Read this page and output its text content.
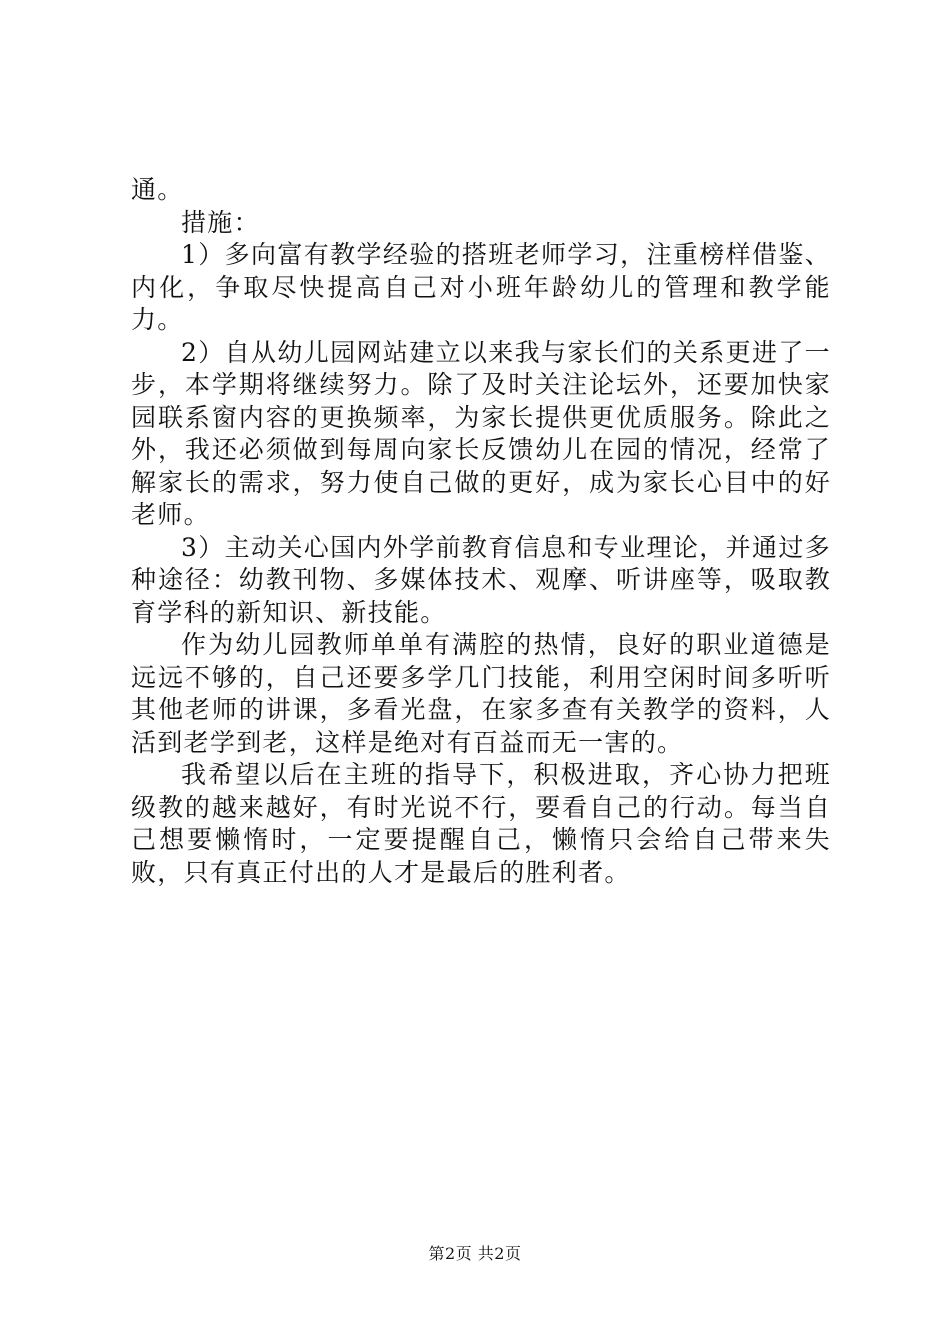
通。

措施：

1）多向富有教学经验的搭班老师学习，注重榜样借鉴、内化，争取尽快提高自己对小班年龄幼儿的管理和教学能力。

2）自从幼儿园网站建立以来我与家长们的关系更进了一步，本学期将继续努力。除了及时关注论坛外，还要加快家园联系窗内容的更换频率，为家长提供更优质服务。除此之外，我还必须做到每周向家长反馈幼儿在园的情况，经常了解家长的需求，努力使自己做的更好，成为家长心目中的好老师。

3）主动关心国内外学前教育信息和专业理论，并通过多种途径：幼教刊物、多媒体技术、观摩、听讲座等，吸取教育学科的新知识、新技能。

作为幼儿园教师单单有满腔的热情，良好的职业道德是远远不够的，自己还要多学几门技能，利用空闲时间多听听其他老师的讲课，多看光盘，在家多查有关教学的资料，人活到老学到老，这样是绝对有百益而无一害的。

我希望以后在主班的指导下，积极进取，齐心协力把班级教的越来越好，有时光说不行，要看自己的行动。每当自己想要懒惰时，一定要提醒自己，懒惰只会给自己带来失败，只有真正付出的人才是最后的胜利者。

第2页 共2页
